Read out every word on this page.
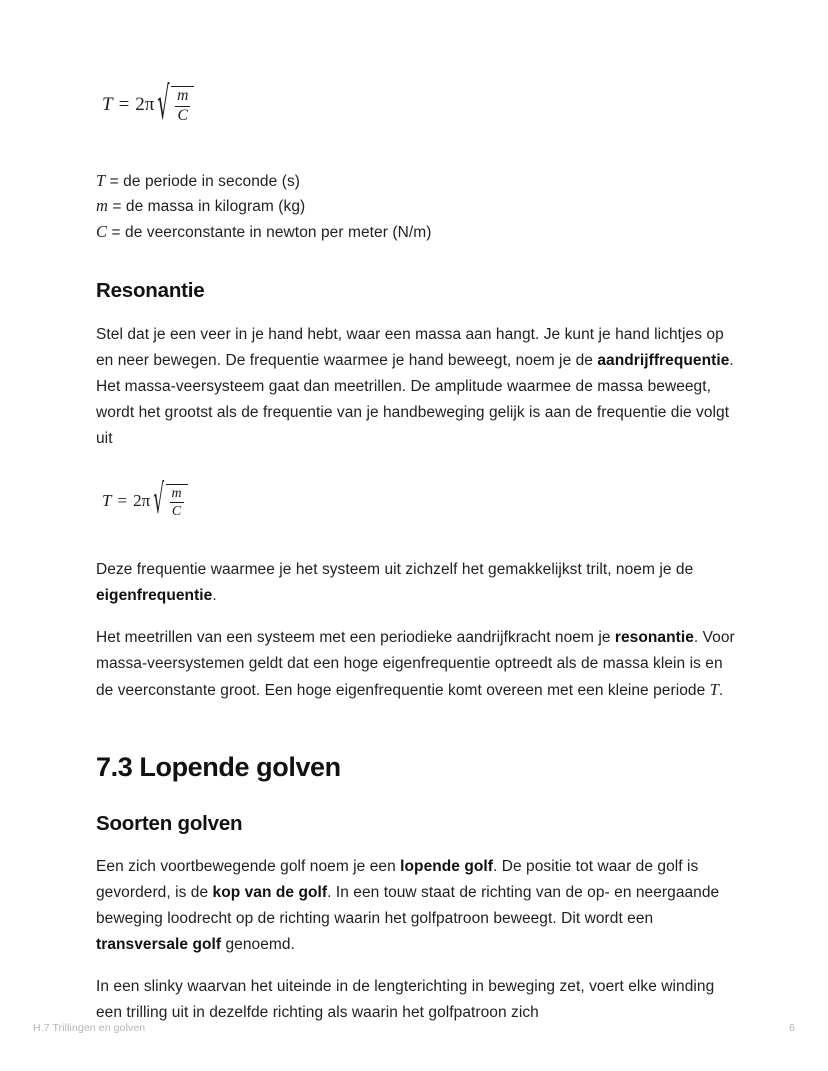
T = 2 π √ $\frac{m}{C}$
T = de periode in seconde (s)
m = de massa in kilogram (kg)
C = de veerconstante in newton per meter (N/m)
Resonantie

Stel dat je een veer in je hand hebt, waar een massa aan hangt. Je kunt je hand lichtjes op en neer bewegen. De frequentie waarmee je hand beweegt, noem je de aandrijffrequentie. Het massa-veersysteem gaat dan meetrillen. De amplitude waarmee de massa beweegt, wordt het grootst als de frequentie van je handbeweging gelijk is aan de frequentie die volgt uit

T = 2 π √ $\frac{m}{C}$

Deze frequentie waarmee je het systeem uit zichzelf het gemakkelijkst trilt, noem je de eigenfrequentie.

Het meetrillen van een systeem met een periodieke aandrijfkracht noem je resonantie. Voor massa-veersystemen geldt dat een hoge eigenfrequentie optreedt als de massa klein is en de veerconstante groot. Een hoge eigenfrequentie komt overeen met een kleine periode T.

7.3 Lopende golven
Soorten golven

Een zich voortbewegende golf noem je een lopende golf. De positie tot waar de golf is gevorderd, is de kop van de golf. In een touw staat de richting van de op- en neergaande beweging loodrecht op de richting waarin het golfpatroon beweegt. Dit wordt een transversale golf genoemd.

In een slinky waarvan het uiteinde in de lengterichting in beweging zet, voert elke winding een trilling uit in dezelfde richting als waarin het golfpatroon zich

H.7 Trillingen en golven	6
